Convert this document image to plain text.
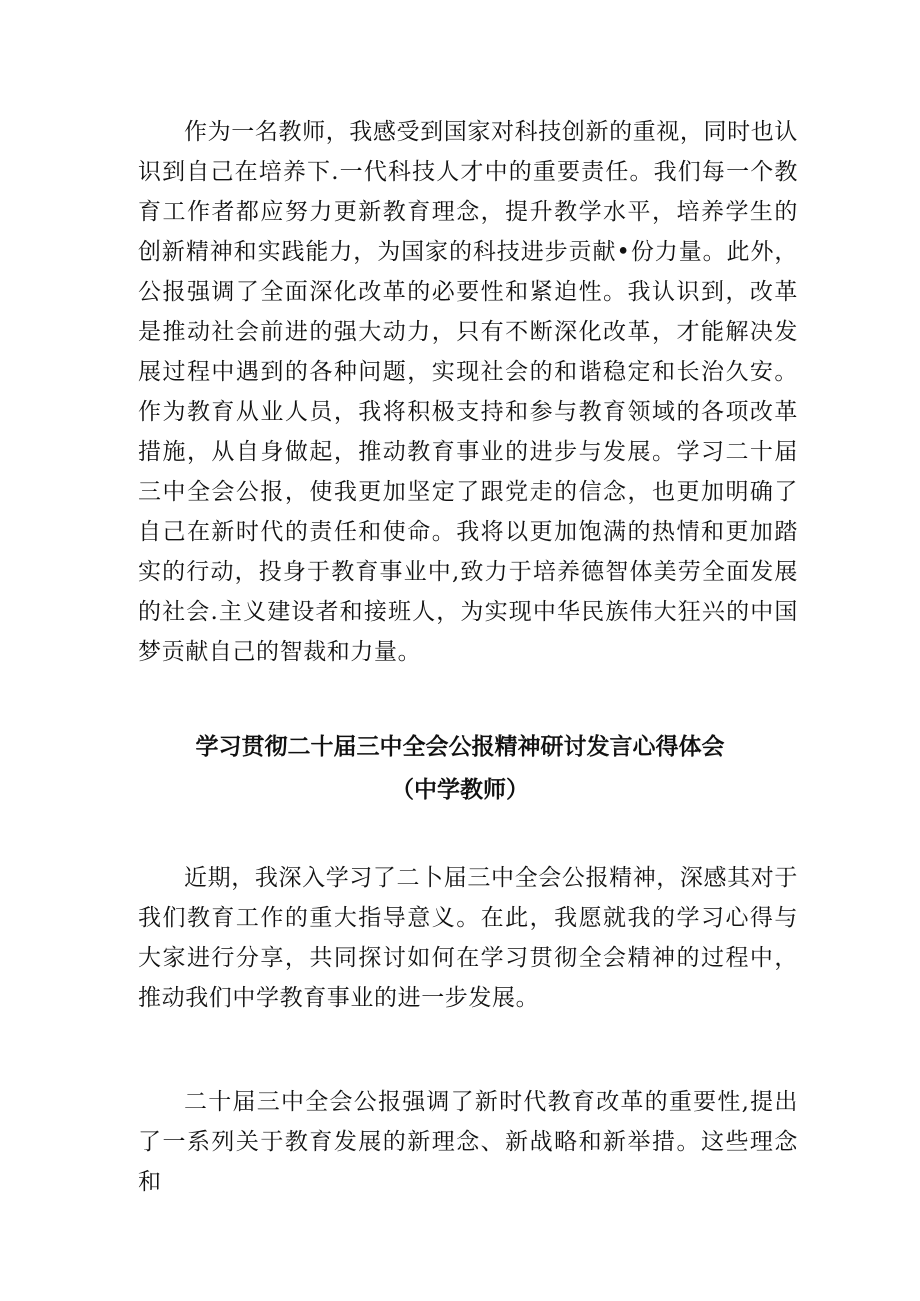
作为一名教师，我感受到国家对科技创新的重视，同时也认识到自己在培养下.一代科技人才中的重要责任。我们每一个教育工作者都应努力更新教育理念，提升教学水平，培养学生的创新精神和实践能力，为国家的科技进步贡献•份力量。此外，公报强调了全面深化改革的必要性和紧迫性。我认识到，改革是推动社会前进的强大动力，只有不断深化改革，才能解决发展过程中遇到的各种问题，实现社会的和谐稳定和长治久安。作为教育从业人员，我将积极支持和参与教育领域的各项改革措施，从自身做起，推动教育事业的进步与发展。学习二十届三中全会公报，使我更加坚定了跟党走的信念，也更加明确了自己在新时代的责任和使命。我将以更加饱满的热情和更加踏实的行动，投身于教育事业中,致力于培养德智体美劳全面发展的社会.主义建设者和接班人，为实现中华民族伟大狂兴的中国梦贡献自己的智裁和力量。

学习贯彻二十届三中全会公报精神研讨发言心得体会
（中学教师）

近期，我深入学习了二卜届三中全会公报精神，深感其对于我们教育工作的重大指导意义。在此，我愿就我的学习心得与大家进行分享，共同探讨如何在学习贯彻全会精神的过程中，推动我们中学教育事业的进一步发展。

二十届三中全会公报强调了新时代教育改革的重要性,提出了一系列关于教育发展的新理念、新战略和新举措。这些理念和
